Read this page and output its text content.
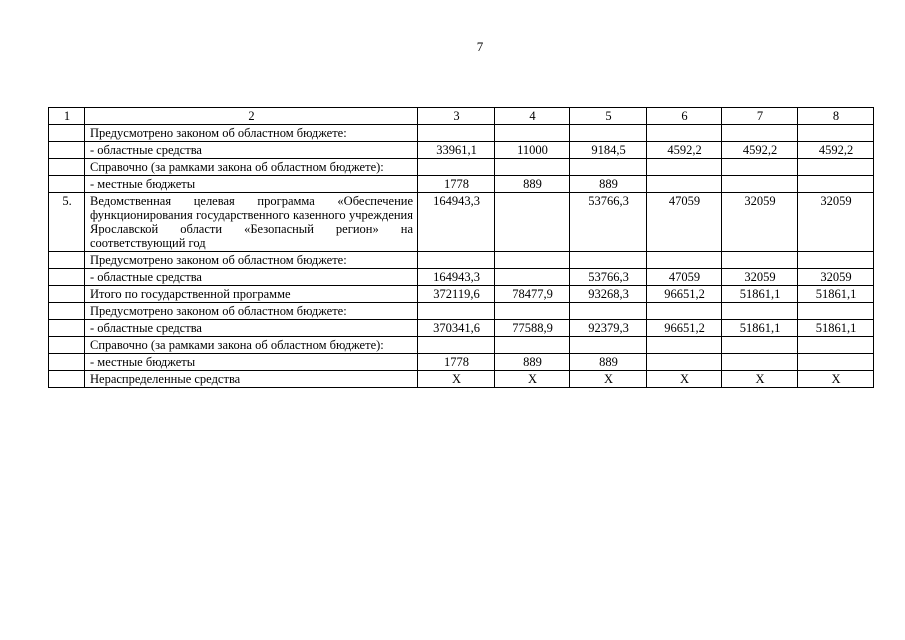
7
1	2	3	4	5	6	7	8
	Предусмотрено законом об областном бюджете:						
	- областные средства	33961,1	11000	9184,5	4592,2	4592,2	4592,2
	Справочно (за рамками закона об областном бюджете):						
	- местные бюджеты	1778	889	889			
5.	Ведомственная целевая программа «Обеспечение функционирования государственного казенного учреждения Ярославской области «Безопасный регион» на соответствующий год	164943,3		53766,3	47059	32059	32059
	Предусмотрено законом об областном бюджете:						
	- областные средства	164943,3		53766,3	47059	32059	32059
	Итого по государственной программе	372119,6	78477,9	93268,3	96651,2	51861,1	51861,1
	Предусмотрено законом об областном бюджете:						
	- областные средства	370341,6	77588,9	92379,3	96651,2	51861,1	51861,1
	Справочно (за рамками закона об областном бюджете):						
	- местные бюджеты	1778	889	889			
	Нераспределенные средства	Х	Х	Х	Х	Х	Х
